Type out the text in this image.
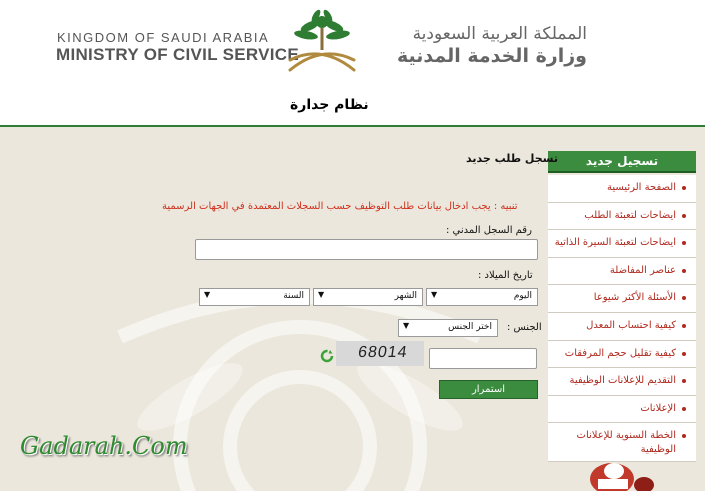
KINGDOM OF SAUDI ARABIA
MINISTRY OF CIVIL SERVICE
المملكة العربية السعودية
وزارة الخدمة المدنية
نظام جدارة
تسجيل جديد
الصفحة الرئيسية
ايضاحات لتعبئة الطلب
ايضاحات لتعبئة السيرة الذاتية
عناصر المفاضلة
الأسئلة الأكثر شيوعا
كيفية احتساب المعدل
كيفية تقليل حجم المرفقات
التقديم للإعلانات الوظيفية
الإعلانات
الخطة السنوية للإعلانات الوظيفية
تسجل طلب جديد
تنبيه : يجب ادخال بيانات طلب التوظيف حسب السجلات المعتمدة في الجهات الرسمية
رقم السجل المدني :
تاريخ الميلاد :
اليوم
▼
الشهر
▼
السنة
▼
الجنس :
اختر الجنس
▼
68014
استمرار
Gadarah.Com
